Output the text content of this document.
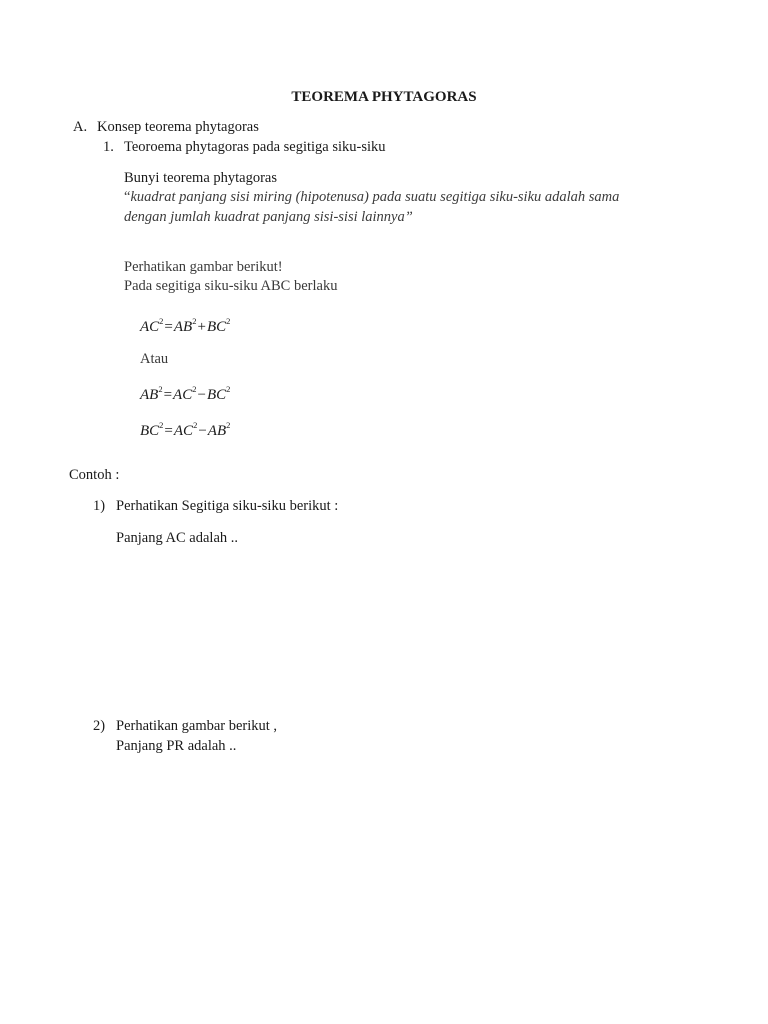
TEOREMA PHYTAGORAS
A. Konsep teorema phytagoras
1. Teoroema phytagoras pada segitiga siku-siku
Bunyi teorema phytagoras
“kuadrat panjang sisi miring (hipotenusa) pada suatu segitiga siku-siku adalah sama
dengan jumlah kuadrat panjang sisi-sisi lainnya”
Perhatikan gambar berikut!
Pada segitiga siku-siku ABC berlaku
$AC^2=AB^2+BC^2$
Atau
$AB^2=AC^2-BC^2$
$BC^2=AC^2-AB^2$
Contoh :
1) Perhatikan Segitiga siku-siku berikut :
Panjang AC adalah ..
2) Perhatikan gambar berikut ,
Panjang PR adalah ..
